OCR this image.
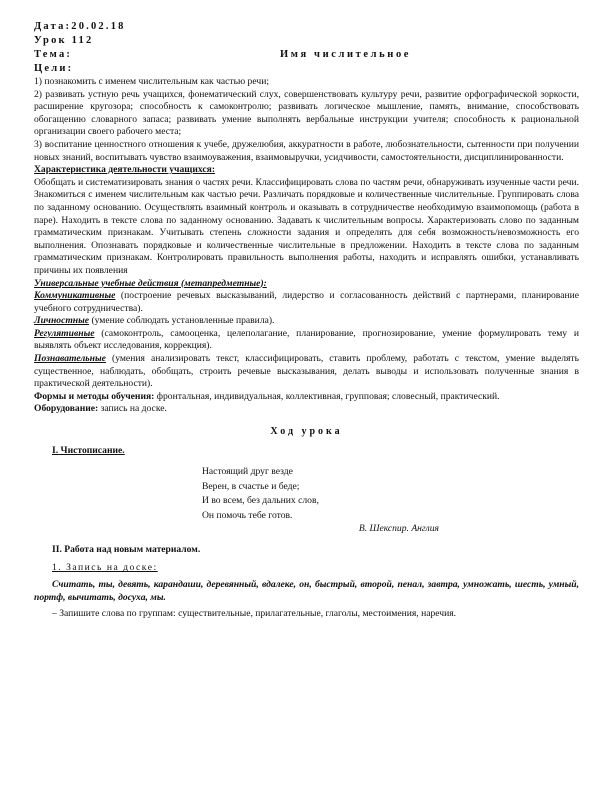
Дата:20.02.18
Урок 112
Тема:	Имя числительное
Цели:

1) познакомить с именем числительным как частью речи;

2) развивать устную речь учащихся, фонематический слух, совершенствовать культуру речи, развитие орфографической зоркости, расширение кругозора; способность к самоконтролю; развивать логическое мышление, память, внимание, способствовать обогащению словарного запаса; развивать умение выполнять вербальные инструкции учителя; способность к рациональной организации своего рабочего места;

3) воспитание ценностного отношения к учебе, дружелюбия, аккуратности в работе, любознательности, сытенности при получении новых знаний, воспитывать чувство взаимоуважения, взаимовыручки, усидчивости, самостоятельности, дисциплинированности.

Характеристика деятельности учащихся:

Обобщать и систематизировать знания о частях речи. Классифицировать слова по частям речи, обнаруживать изученные части речи. Знакомиться с именем числительным как частью речи. Различать порядковые и количественные числительные. Группировать слова по заданному основанию. Осуществлять взаимный контроль и оказывать в сотрудничестве необходимую взаимопомощь (работа в паре). Находить в тексте слова по заданному основанию. Задавать к числительным вопросы. Характеризовать слово по заданным грамматическим признакам. Учитывать степень сложности задания и определять для себя возможность/невозможность его выполнения. Опознавать порядковые и количественные числительные в предложении. Находить в тексте слова по заданным грамматическим признакам. Контролировать правильность выполнения работы, находить и исправлять ошибки, устанавливать причины их появления

Универсальные учебные действия (метапредметные):

Коммуникативные (построение речевых высказываний, лидерство и согласованность действий с партнерами, планирование учебного сотрудничества).

Личностные (умение соблюдать установленные правила).

Регулятивные (самоконтроль, самооценка, целеполагание, планирование, прогнозирование, умение формулировать тему и выявлять объект исследования, коррекция).

Познавательные (умения анализировать текст, классифицировать, ставить проблему, работать с текстом, умение выделять существенное, наблюдать, обобщать, строить речевые высказывания, делать выводы и использовать полученные знания в практической деятельности).

Формы и методы обучения: фронтальная, индивидуальная, коллективная, групповая; словесный, практический.

Оборудование: запись на доске.

Ход урока
I. Чистописание.
Настоящий друг везде
Верен, в счастье и беде;
И во всем, без дальних слов,
Он помочь тебе готов.
В. Шекспир. Англия
II. Работа над новым материалом.
1. Запись на доске:

Считать, ты, девять, карандаши, деревянный, вдалеке, он, быстрый, второй, пенал, завтра, умножать, шесть, умный, портф, вычитать, досуха, мы.

– Запишите слова по группам: существительные, прилагательные, глаголы, местоимения, наречия.
